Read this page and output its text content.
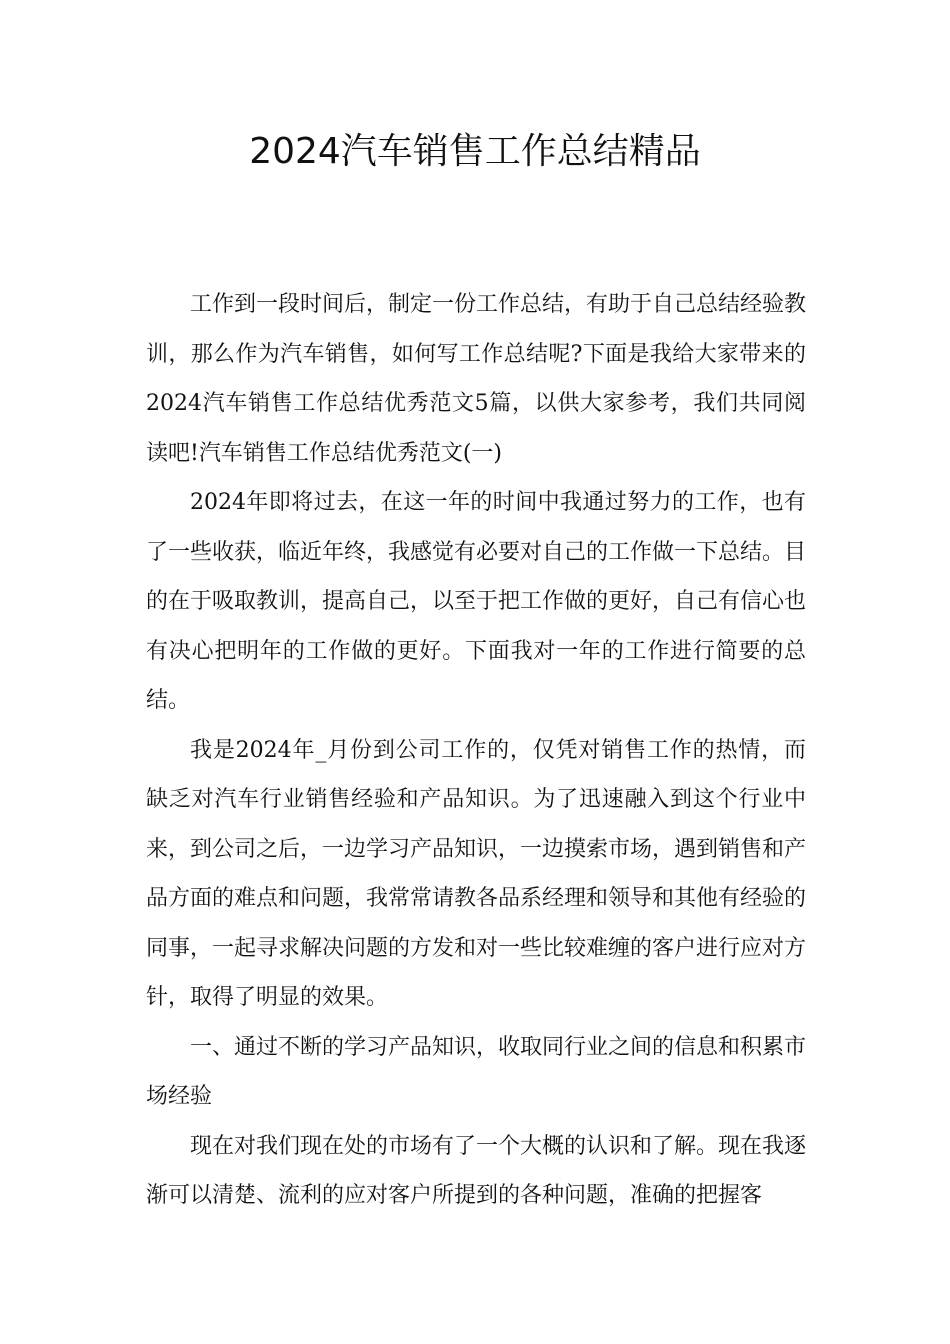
2024汽车销售工作总结精品

工作到一段时间后，制定一份工作总结，有助于自己总结经验教训，那么作为汽车销售，如何写工作总结呢?下面是我给大家带来的2024汽车销售工作总结优秀范文5篇，以供大家参考，我们共同阅读吧!汽车销售工作总结优秀范文(一)

2024年即将过去，在这一年的时间中我通过努力的工作，也有了一些收获，临近年终，我感觉有必要对自己的工作做一下总结。目的在于吸取教训，提高自己，以至于把工作做的更好，自己有信心也有决心把明年的工作做的更好。下面我对一年的工作进行简要的总结。

我是2024年_月份到公司工作的，仅凭对销售工作的热情，而缺乏对汽车行业销售经验和产品知识。为了迅速融入到这个行业中来，到公司之后，一边学习产品知识，一边摸索市场，遇到销售和产品方面的难点和问题，我常常请教各品系经理和领导和其他有经验的同事，一起寻求解决问题的方发和对一些比较难缠的客户进行应对方针，取得了明显的效果。

一、通过不断的学习产品知识，收取同行业之间的信息和积累市场经验

现在对我们现在处的市场有了一个大概的认识和了解。现在我逐渐可以清楚、流利的应对客户所提到的各种问题，准确的把握客
